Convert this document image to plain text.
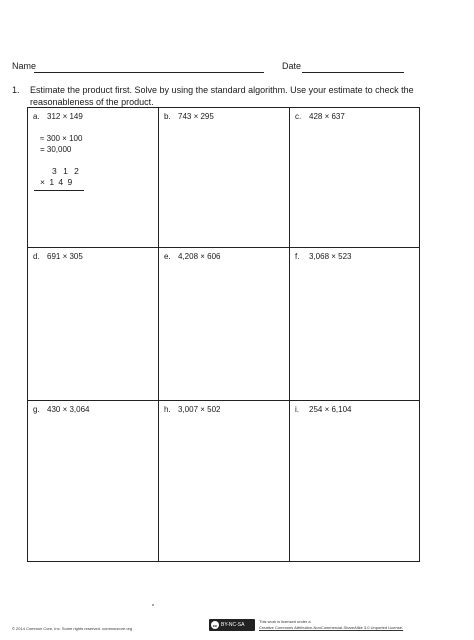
Name	Date
1. Estimate the product first. Solve by using the standard algorithm. Use your estimate to check the reasonableness of the product.
a. 312 × 149
≈ 300 × 100
= 30,000
3 1 2
× 1 4 9
b. 743 × 295	c. 428 × 637
d. 691 × 305	e. 4,208 × 606	f. 3,068 × 523
g. 430 × 3,064	h. 3,007 × 502	i. 254 × 6,104
© 2014 Common Core, Inc. Some rights reserved. commoncore.org
cc BY-NC-SA
This work is licensed under a
Creative Commons Attribution-NonCommercial-ShareAlike 3.0 Unported License.
